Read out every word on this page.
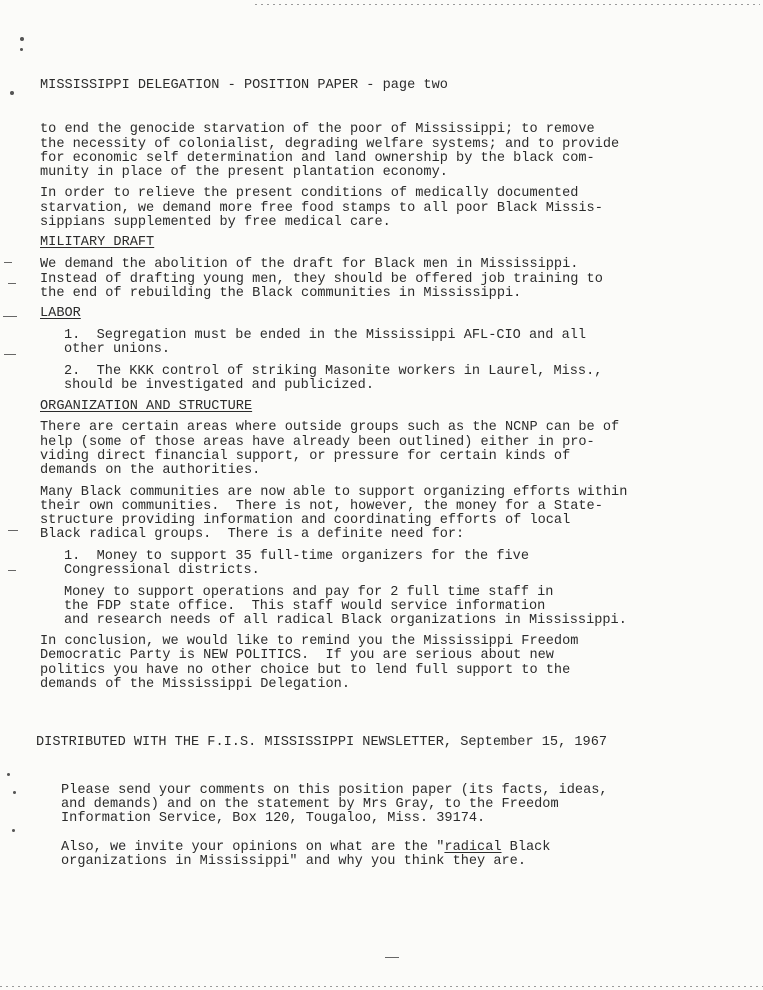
MISSISSIPPI DELEGATION - POSITION PAPER - page two
to end the genocide starvation of the poor of Mississippi; to remove
the necessity of colonialist, degrading welfare systems; and to provide
for economic self determination and land ownership by the black com-
munity in place of the present plantation economy.
In order to relieve the present conditions of medically documented
starvation, we demand more free food stamps to all poor Black Missis-
sippians supplemented by free medical care.
MILITARY DRAFT
We demand the abolition of the draft for Black men in Mississippi.
Instead of drafting young men, they should be offered job training to
the end of rebuilding the Black communities in Mississippi.
LABOR
1.  Segregation must be ended in the Mississippi AFL-CIO and all
other unions.
2.  The KKK control of striking Masonite workers in Laurel, Miss.,
should be investigated and publicized.
ORGANIZATION AND STRUCTURE
There are certain areas where outside groups such as the NCNP can be of
help (some of those areas have already been outlined) either in pro-
viding direct financial support, or pressure for certain kinds of
demands on the authorities.
Many Black communities are now able to support organizing efforts within
their own communities.  There is not, however, the money for a State-
structure providing information and coordinating efforts of local
Black radical groups.  There is a definite need for:
1.  Money to support 35 full-time organizers for the five
Congressional districts.
Money to support operations and pay for 2 full time staff in
the FDP state office.  This staff would service information
and research needs of all radical Black organizations in Mississippi.
In conclusion, we would like to remind you the Mississippi Freedom
Democratic Party is NEW POLITICS.  If you are serious about new
politics you have no other choice but to lend full support to the
demands of the Mississippi Delegation.
DISTRIBUTED WITH THE F.I.S. MISSISSIPPI NEWSLETTER, September 15, 1967
Please send your comments on this position paper (its facts, ideas,
and demands) and on the statement by Mrs Gray, to the Freedom
Information Service, Box 120, Tougaloo, Miss. 39174.
Also, we invite your opinions on what are the "radical Black
organizations in Mississippi" and why you think they are.
